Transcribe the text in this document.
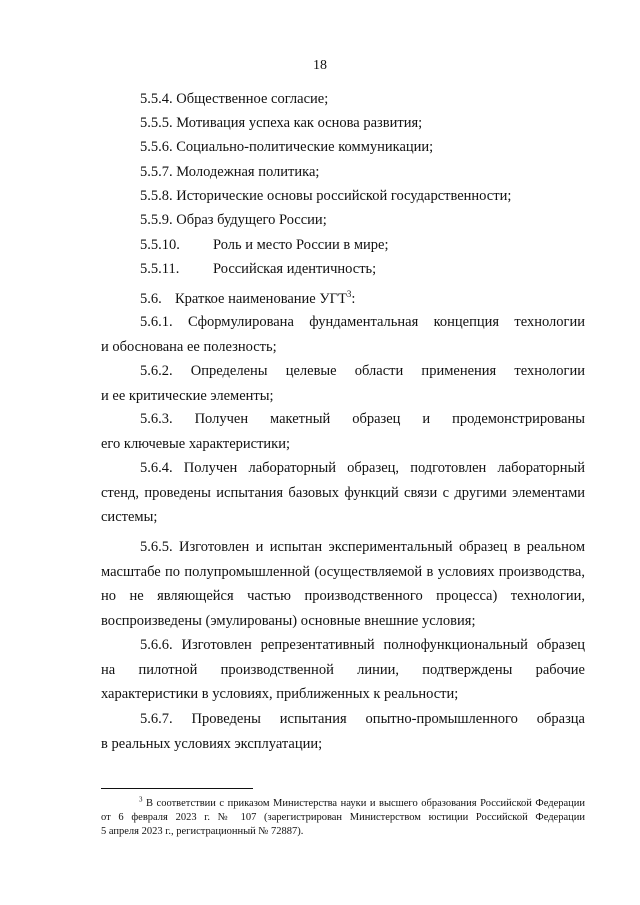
18
5.5.4. Общественное согласие;
5.5.5. Мотивация успеха как основа развития;
5.5.6. Социально-политические коммуникации;
5.5.7. Молодежная политика;
5.5.8. Исторические основы российской государственности;
5.5.9. Образ будущего России;
5.5.10. Роль и место России в мире;
5.5.11. Российская идентичность;
5.6. Краткое наименование УГТ$^3$:
5.6.1. Сформулирована фундаментальная концепция технологии
и обоснована ее полезность;
5.6.2. Определены целевые области применения технологии
и ее критические элементы;
5.6.3. Получен макетный образец и продемонстрированы
его ключевые характеристики;
5.6.4. Получен лабораторный образец, подготовлен лабораторный
стенд, проведены испытания базовых функций связи с другими элементами
системы;
5.6.5. Изготовлен и испытан экспериментальный образец в реальном
масштабе по полупромышленной (осуществляемой в условиях производства,
но не являющейся частью производственного процесса) технологии,
воспроизведены (эмулированы) основные внешние условия;
5.6.6. Изготовлен репрезентативный полнофункциональный образец
на пилотной производственной линии, подтверждены рабочие
характеристики в условиях, приближенных к реальности;
5.6.7. Проведены испытания опытно-промышленного образца
в реальных условиях эксплуатации;
$^3$ В соответствии с приказом Министерства науки и высшего образования Российской Федерации
от 6 февраля 2023 г. № 107 (зарегистрирован Министерством юстиции Российской Федерации
5 апреля 2023 г., регистрационный № 72887).
